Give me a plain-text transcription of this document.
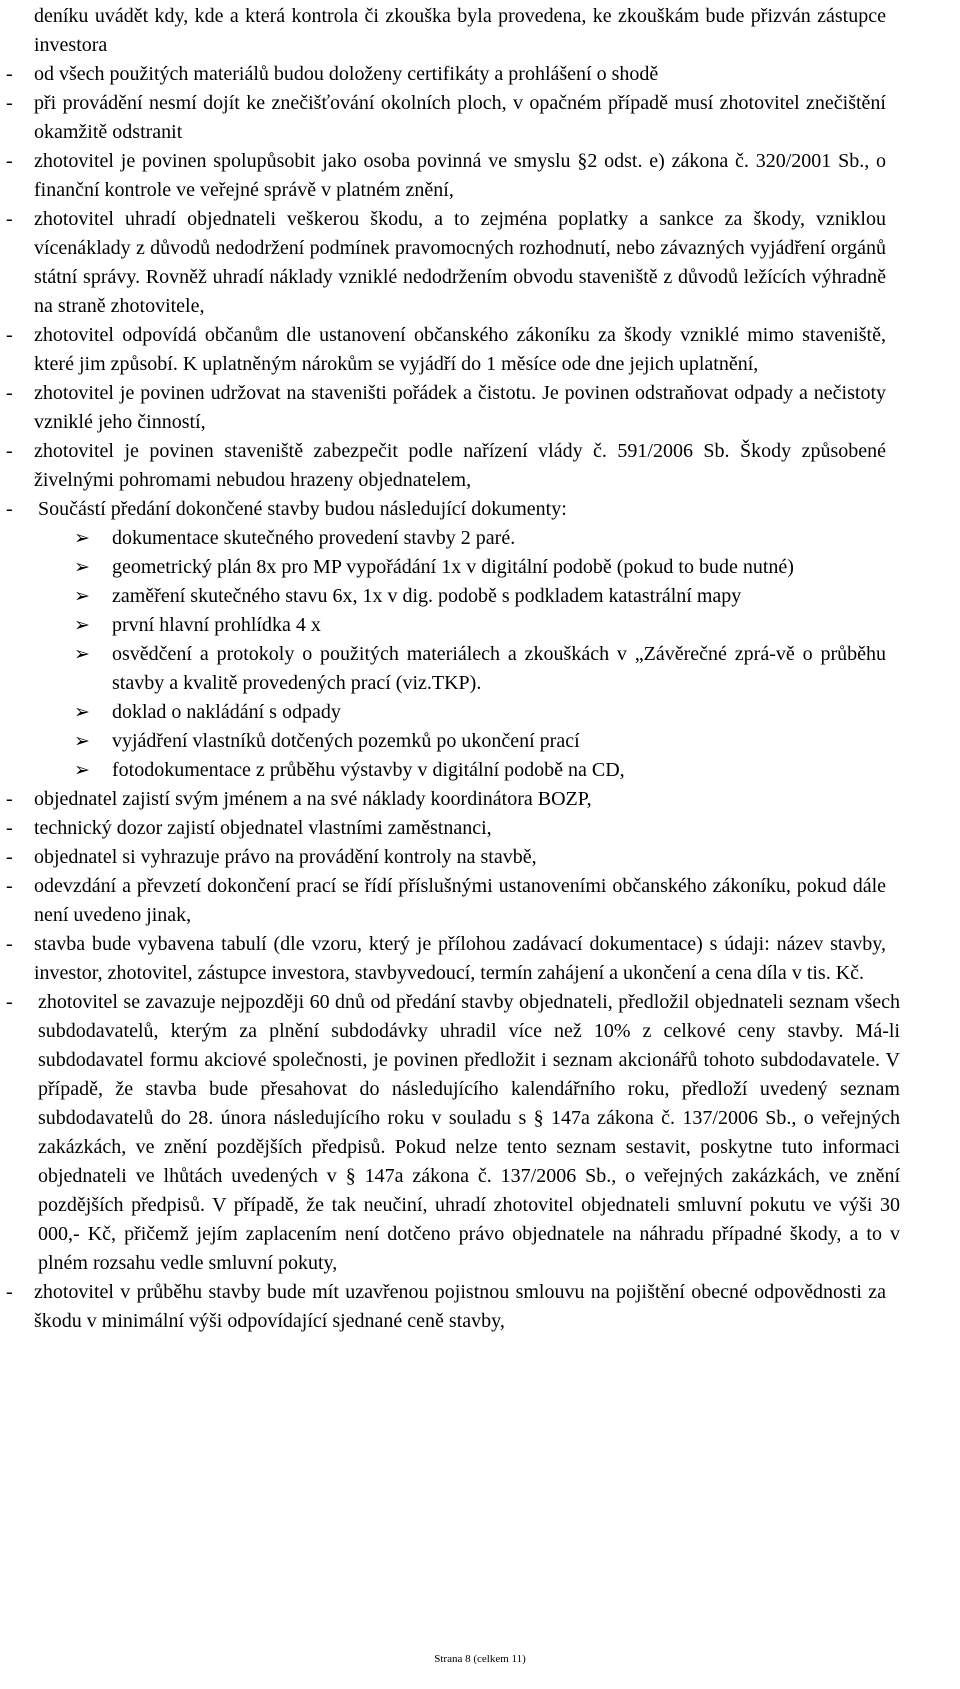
deníku uvádět kdy, kde a která kontrola či zkouška byla provedena, ke zkouškám bude přizván zástupce investora
- od všech použitých materiálů budou doloženy certifikáty a prohlášení o shodě
- při provádění nesmí dojít ke znečišťování okolních ploch, v opačném případě musí zhotovitel znečištění okamžitě odstranit
- zhotovitel je povinen spolupůsobit jako osoba povinná ve smyslu §2 odst. e) zákona č. 320/2001 Sb., o finanční kontrole ve veřejné správě v platném znění,
- zhotovitel uhradí objednateli veškerou škodu, a to zejména poplatky a sankce za škody, vzniklou vícenáklady z důvodů nedodržení podmínek pravomocných rozhodnutí, nebo závazných vyjádření orgánů státní správy. Rovněž uhradí náklady vzniklé nedodržením obvodu staveniště z důvodů ležících výhradně na straně zhotovitele,
- zhotovitel odpovídá občanům dle ustanovení občanského zákoníku za škody vzniklé mimo staveniště, které jim způsobí. K uplatněným nárokům se vyjádří do 1 měsíce ode dne jejich uplatnění,
- zhotovitel je povinen udržovat na staveništi pořádek a čistotu. Je povinen odstraňovat odpady a nečistoty vzniklé jeho činností,
- zhotovitel je povinen staveniště zabezpečit podle nařízení vlády č. 591/2006 Sb. Škody způsobené živelnými pohromami nebudou hrazeny objednatelem,
- Součástí předání dokončené stavby budou následující dokumenty:
➢ dokumentace skutečného provedení stavby 2 paré.
➢ geometrický plán 8x pro MP vypořádání 1x v digitální podobě (pokud to bude nutné)
➢ zaměření skutečného stavu 6x, 1x v dig. podobě s podkladem katastrální mapy
➢ první hlavní prohlídka 4 x
➢ osvědčení a protokoly o použitých materiálech a zkouškách v „Závěrečné zprá-vě o průběhu stavby a kvalitě provedených prací (viz.TKP).
➢ doklad o nakládání s odpady
➢ vyjádření vlastníků dotčených pozemků po ukončení prací
➢ fotodokumentace z průběhu výstavby v digitální podobě na CD,
- objednatel zajistí svým jménem a na své náklady koordinátora BOZP,
- technický dozor zajistí objednatel vlastními zaměstnanci,
- objednatel si vyhrazuje právo na provádění kontroly na stavbě,
- odevzdání a převzetí dokončení prací se řídí příslušnými ustanoveními občanského zákoníku, pokud dále není uvedeno jinak,
- stavba bude vybavena tabulí (dle vzoru, který je přílohou zadávací dokumentace) s údaji: název stavby, investor, zhotovitel, zástupce investora, stavbyvedoucí, termín zahájení a ukončení a cena díla v tis. Kč.
- zhotovitel se zavazuje nejpozději 60 dnů od předání stavby objednateli, předložil objednateli seznam všech subdodavatelů, kterým za plnění subdodávky uhradil více než 10% z celkové ceny stavby. Má-li subdodavatel formu akciové společnosti, je povinen předložit i seznam akcionářů tohoto subdodavatele. V případě, že stavba bude přesahovat do následujícího kalendářního roku, předloží uvedený seznam subdodavatelů do 28. února následujícího roku v souladu s § 147a zákona č. 137/2006 Sb., o veřejných zakázkách, ve znění pozdějších předpisů. Pokud nelze tento seznam sestavit, poskytne tuto informaci objednateli ve lhůtách uvedených v § 147a zákona č. 137/2006 Sb., o veřejných zakázkách, ve znění pozdějších předpisů. V případě, že tak neučiní, uhradí zhotovitel objednateli smluvní pokutu ve výši 30 000,- Kč, přičemž jejím zaplacením není dotčeno právo objednatele na náhradu případné škody, a to v plném rozsahu vedle smluvní pokuty,
- zhotovitel v průběhu stavby bude mít uzavřenou pojistnou smlouvu na pojištění obecné odpovědnosti za škodu v minimální výši odpovídající sjednané ceně stavby,
Strana 8 (celkem 11)
